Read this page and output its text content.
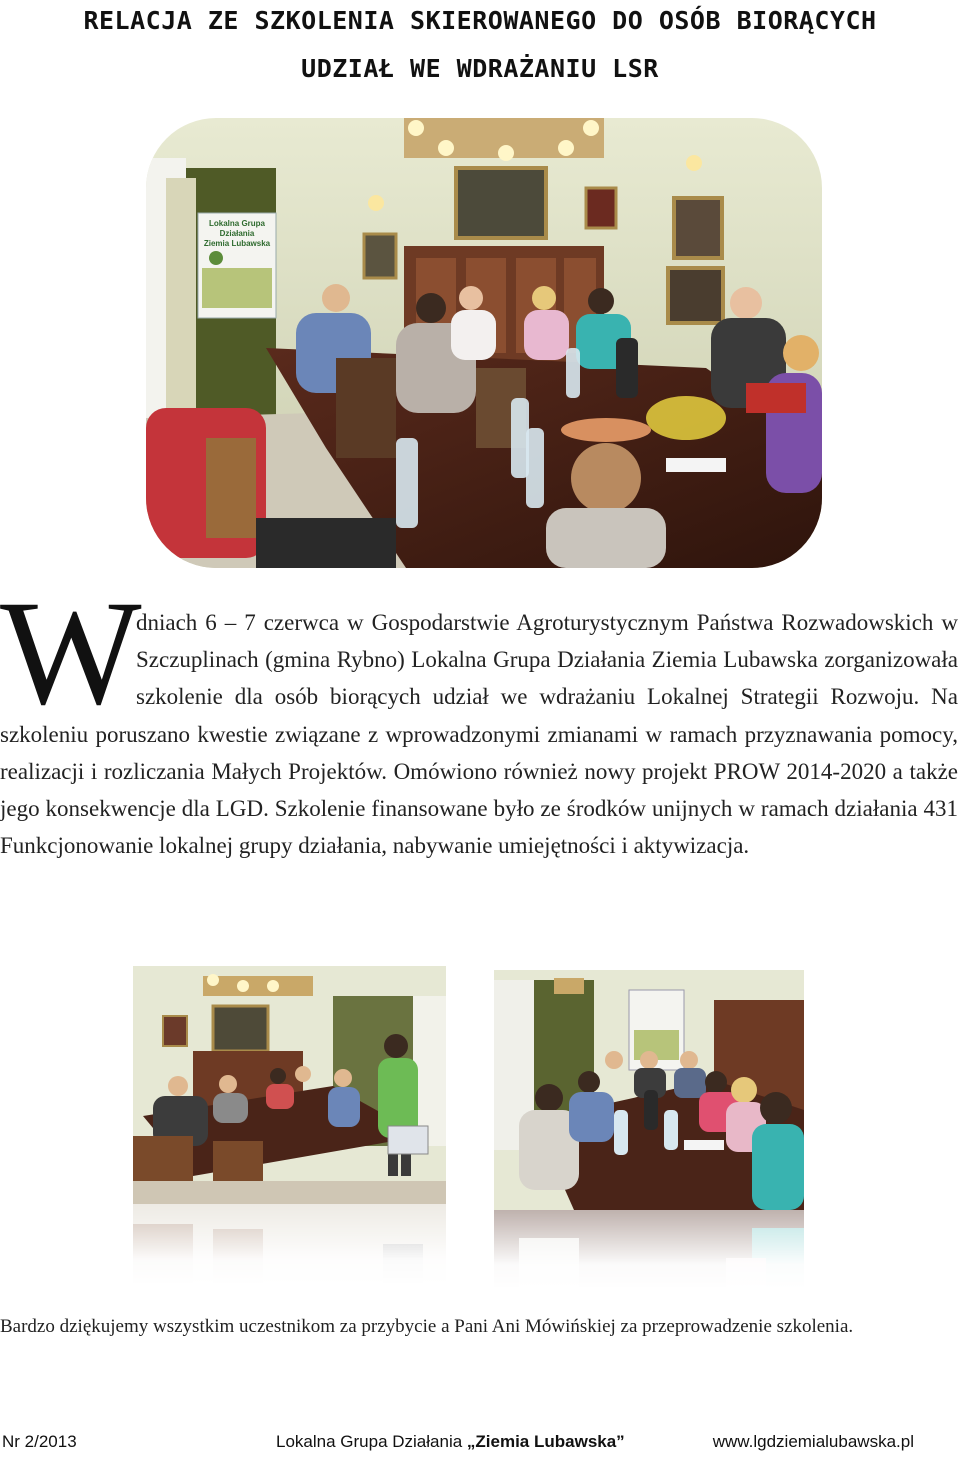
RELACJA ZE SZKOLENIA SKIEROWANEGO DO OSÓB BIORĄCYCH
UDZIAŁ WE WDRAŻANIU LSR
Lokalna Grupa
Działania
Ziemia Lubawska
W

dniach 6 – 7 czerwca w Gospodarstwie Agroturystycznym Państwa Rozwadowskich w Szczuplinach (gmina Rybno) Lokalna Grupa Działania Ziemia Lubawska zorganizowała szkolenie dla osób biorących udział we wdrażaniu Lokalnej Strategii Rozwoju. Na szkoleniu poruszano kwestie związane z wprowadzonymi zmianami w ramach przyznawania pomocy, realizacji i rozliczania Małych Projektów. Omówiono również nowy projekt PROW 2014-2020 a także jego konsekwencje dla LGD. Szkolenie finansowane było ze środków unijnych w ramach działania 431 Funkcjonowanie lokalnej grupy działania, nabywanie umiejętności i aktywizacja.

Bardzo dziękujemy wszystkim uczestnikom za przybycie a Pani Ani Mówińskiej za przeprowadzenie szkolenia.

Nr 2/2013	Lokalna Grupa Działania „Ziemia Lubawska”	www.lgdziemialubawska.pl
